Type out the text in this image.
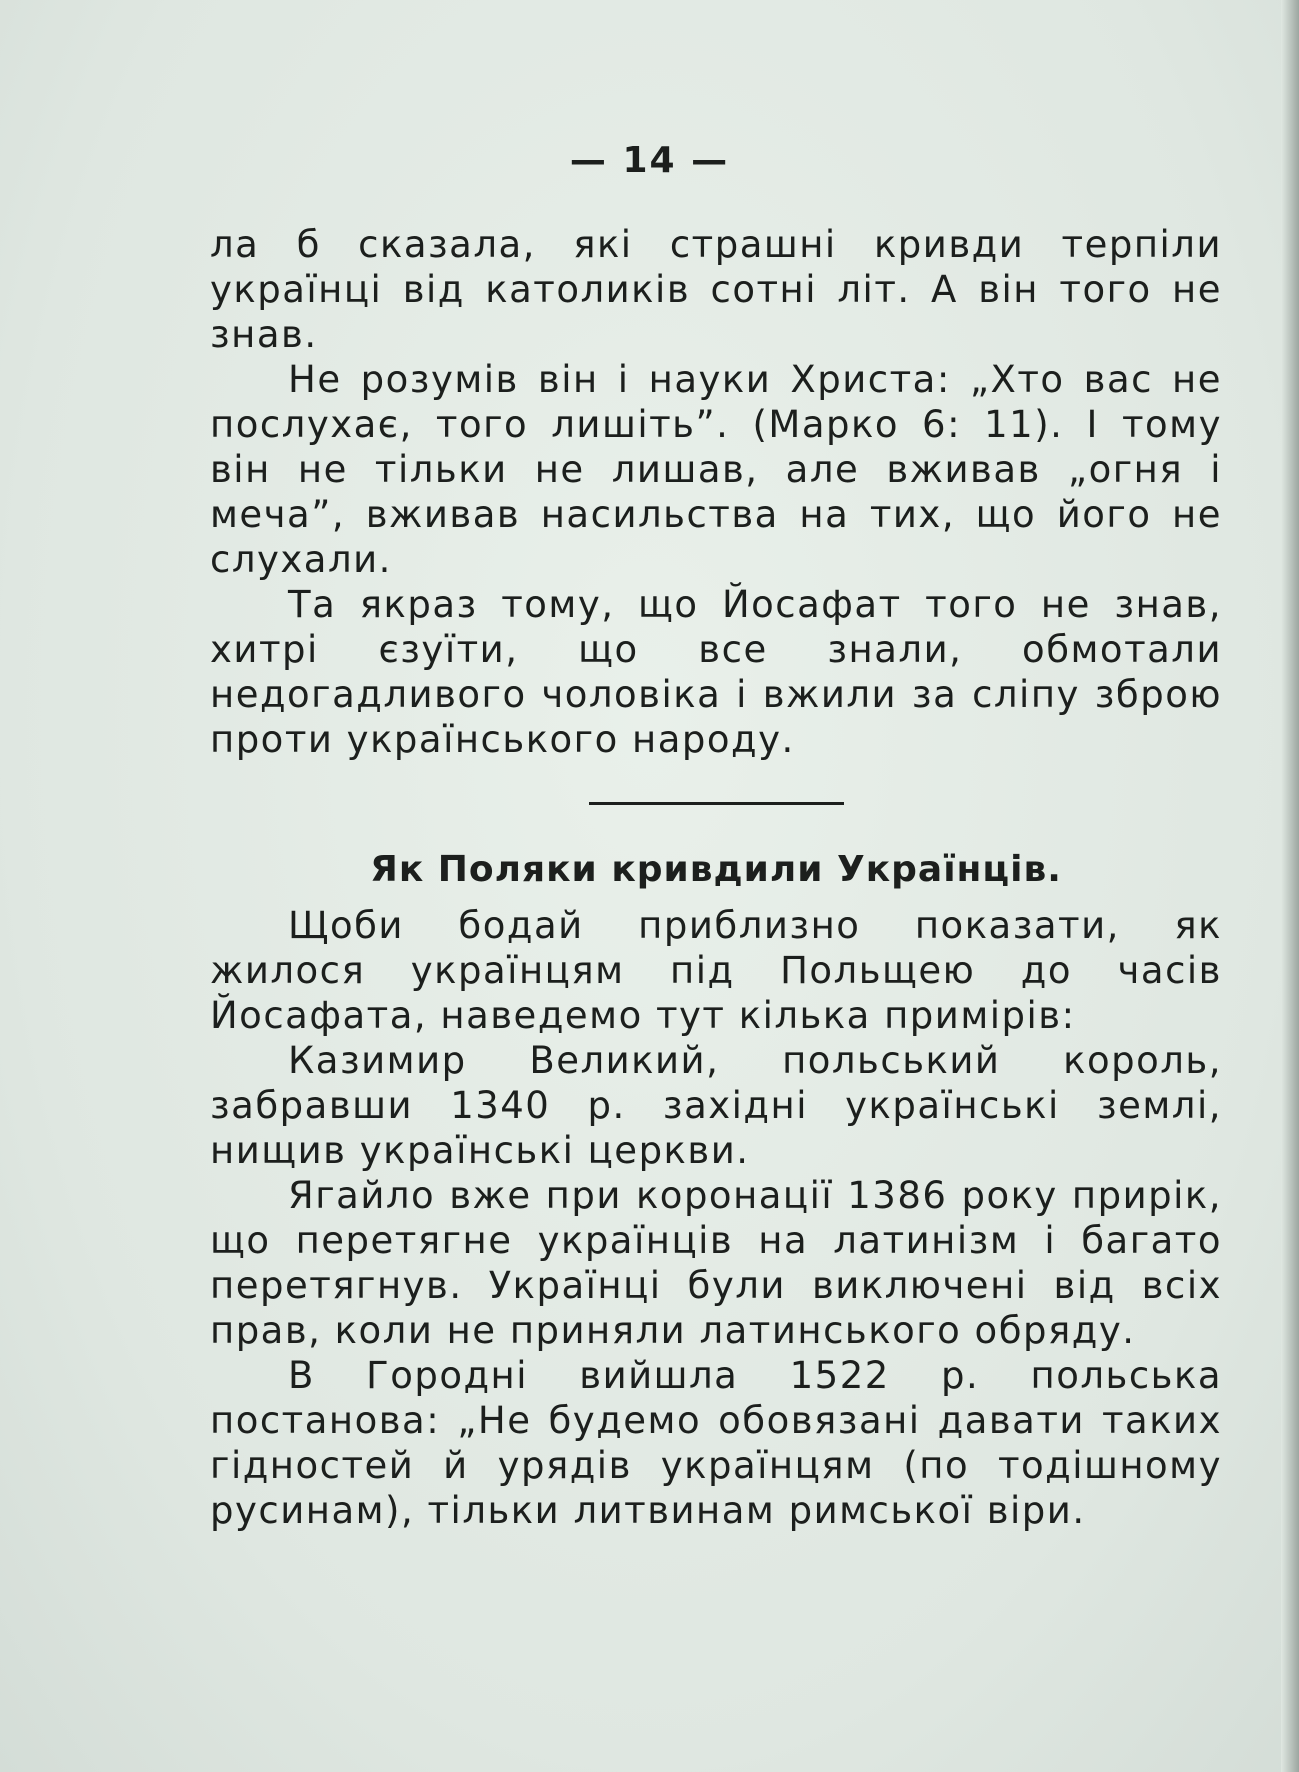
— 14 —

ла б сказала, які страшні кривди терпіли українці від католиків сотні літ. А він того не знав.

Не розумів він і науки Христа: „Хто вас не послухає, того лишіть”. (Марко 6: 11). І тому він не тільки не лишав, але вживав „огня і меча”, вживав насильства на тих, що його не слухали.

Та якраз тому, що Йосафат того не знав, хитрі єзуїти, що все знали, обмотали недогадливого чоловіка і вжили за сліпу зброю проти українського народу.

Як Поляки кривдили Українців.

Щоби бодай приблизно показати, як жилося українцям під Польщею до часів Йосафата, наведемо тут кілька примірів:

Казимир Великий, польський король, забравши 1340 р. західні українські землі, нищив українські церкви.

Ягайло вже при коронації 1386 року прирік, що перетягне українців на латинізм і багато перетягнув. Українці були виключені від всіх прав, коли не приняли латинського обряду.

В Городні вийшла 1522 р. польська постанова: „Не будемо обовязані давати таких гідностей й урядів українцям (по тодішному русинам), тільки литвинам римської віри.
